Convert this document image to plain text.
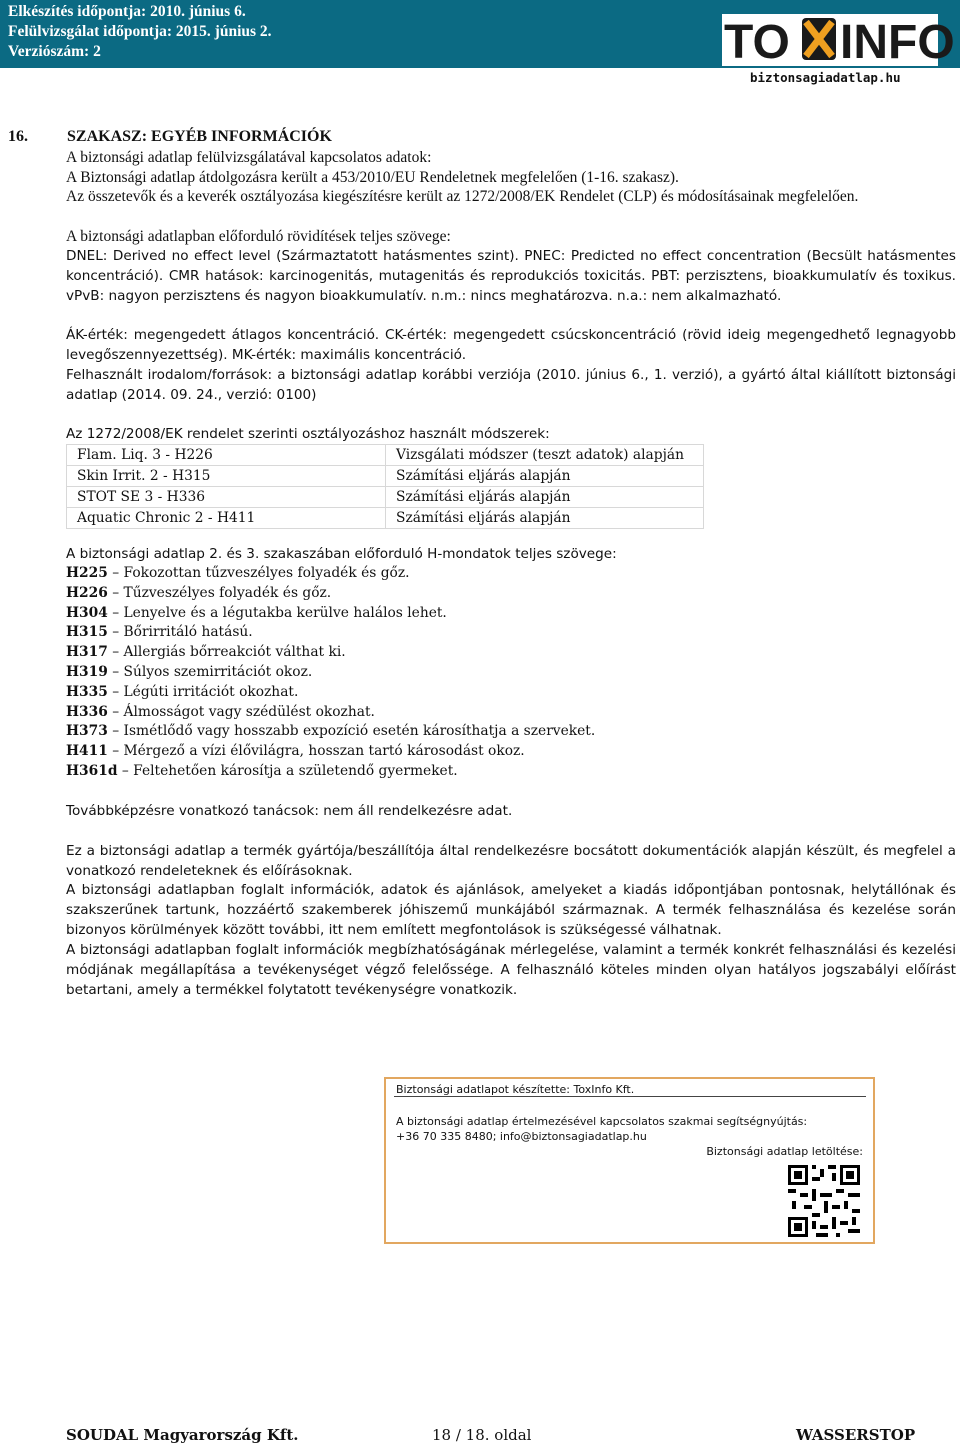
Elkészítés időpontja: 2010. június 6.
Felülvizsgálat időpontja: 2015. június 2.
Verziószám: 2	TO INFO
biztonsagiadatlap.hu
16. SZAKASZ: EGYÉB INFORMÁCIÓK
A biztonsági adatlap felülvizsgálatával kapcsolatos adatok:
A Biztonsági adatlap átdolgozásra került a 453/2010/EU Rendeletnek megfelelően (1-16. szakasz).
Az összetevők és a keverék osztályozása kiegészítésre került az 1272/2008/EK Rendelet (CLP) és módosításainak megfelelően.
A biztonsági adatlapban előforduló rövidítések teljes szövege:
DNEL: Derived no effect level (Származtatott hatásmentes szint). PNEC: Predicted no effect concentration (Becsült hatásmentes koncentráció). CMR hatások: karcinogenitás, mutagenitás és reprodukciós toxicitás. PBT: perzisztens, bioakkumulatív és toxikus. vPvB: nagyon perzisztens és nagyon bioakkumulatív. n.m.: nincs meghatározva. n.a.: nem alkalmazható.
ÁK-érték: megengedett átlagos koncentráció. CK-érték: megengedett csúcskoncentráció (rövid ideig megengedhető legnagyobb levegőszennyezettség). MK-érték: maximális koncentráció.
Felhasznált irodalom/források: a biztonsági adatlap korábbi verziója (2010. június 6., 1. verzió), a gyártó által kiállított biztonsági adatlap (2014. 09. 24., verzió: 0100)
Az 1272/2008/EK rendelet szerinti osztályozáshoz használt módszerek:
Flam. Liq. 3 - H226	Vizsgálati módszer (teszt adatok) alapján
Skin Irrit. 2 - H315	Számítási eljárás alapján
STOT SE 3 - H336	Számítási eljárás alapján
Aquatic Chronic 2 - H411	Számítási eljárás alapján
A biztonsági adatlap 2. és 3. szakaszában előforduló H-mondatok teljes szövege:
H225 – Fokozottan tűzveszélyes folyadék és gőz.
H226 – Tűzveszélyes folyadék és gőz.
H304 – Lenyelve és a légutakba kerülve halálos lehet.
H315 – Bőrirritáló hatású.
H317 – Allergiás bőrreakciót válthat ki.
H319 – Súlyos szemirritációt okoz.
H335 – Légúti irritációt okozhat.
H336 – Álmosságot vagy szédülést okozhat.
H373 – Ismétlődő vagy hosszabb expozíció esetén károsíthatja a szerveket.
H411 – Mérgező a vízi élővilágra, hosszan tartó károsodást okoz.
H361d – Feltehetően károsítja a születendő gyermeket.
Továbbképzésre vonatkozó tanácsok: nem áll rendelkezésre adat.
Ez a biztonsági adatlap a termék gyártója/beszállítója által rendelkezésre bocsátott dokumentációk alapján készült, és megfelel a vonatkozó rendeleteknek és előírásoknak.
A biztonsági adatlapban foglalt információk, adatok és ajánlások, amelyeket a kiadás időpontjában pontosnak, helytállónak és szakszerűnek tartunk, hozzáértő szakemberek jóhiszemű munkájából származnak. A termék felhasználása és kezelése során bizonyos körülmények között további, itt nem említett megfontolások is szükségessé válhatnak.
A biztonsági adatlapban foglalt információk megbízhatóságának mérlegelése, valamint a termék konkrét felhasználási és kezelési módjának megállapítása a tevékenységet végző felelőssége. A felhasználó köteles minden olyan hatályos jogszabályi előírást betartani, amely a termékkel folytatott tevékenységre vonatkozik.
Biztonsági adatlapot készítette: ToxInfo Kft.
A biztonsági adatlap értelmezésével kapcsolatos szakmai segítségnyújtás:
+36 70 335 8480; info@biztonsagiadatlap.hu
Biztonsági adatlap letöltése:
SOUDAL Magyarország Kft.	18 / 18. oldal	WASSERSTOP
